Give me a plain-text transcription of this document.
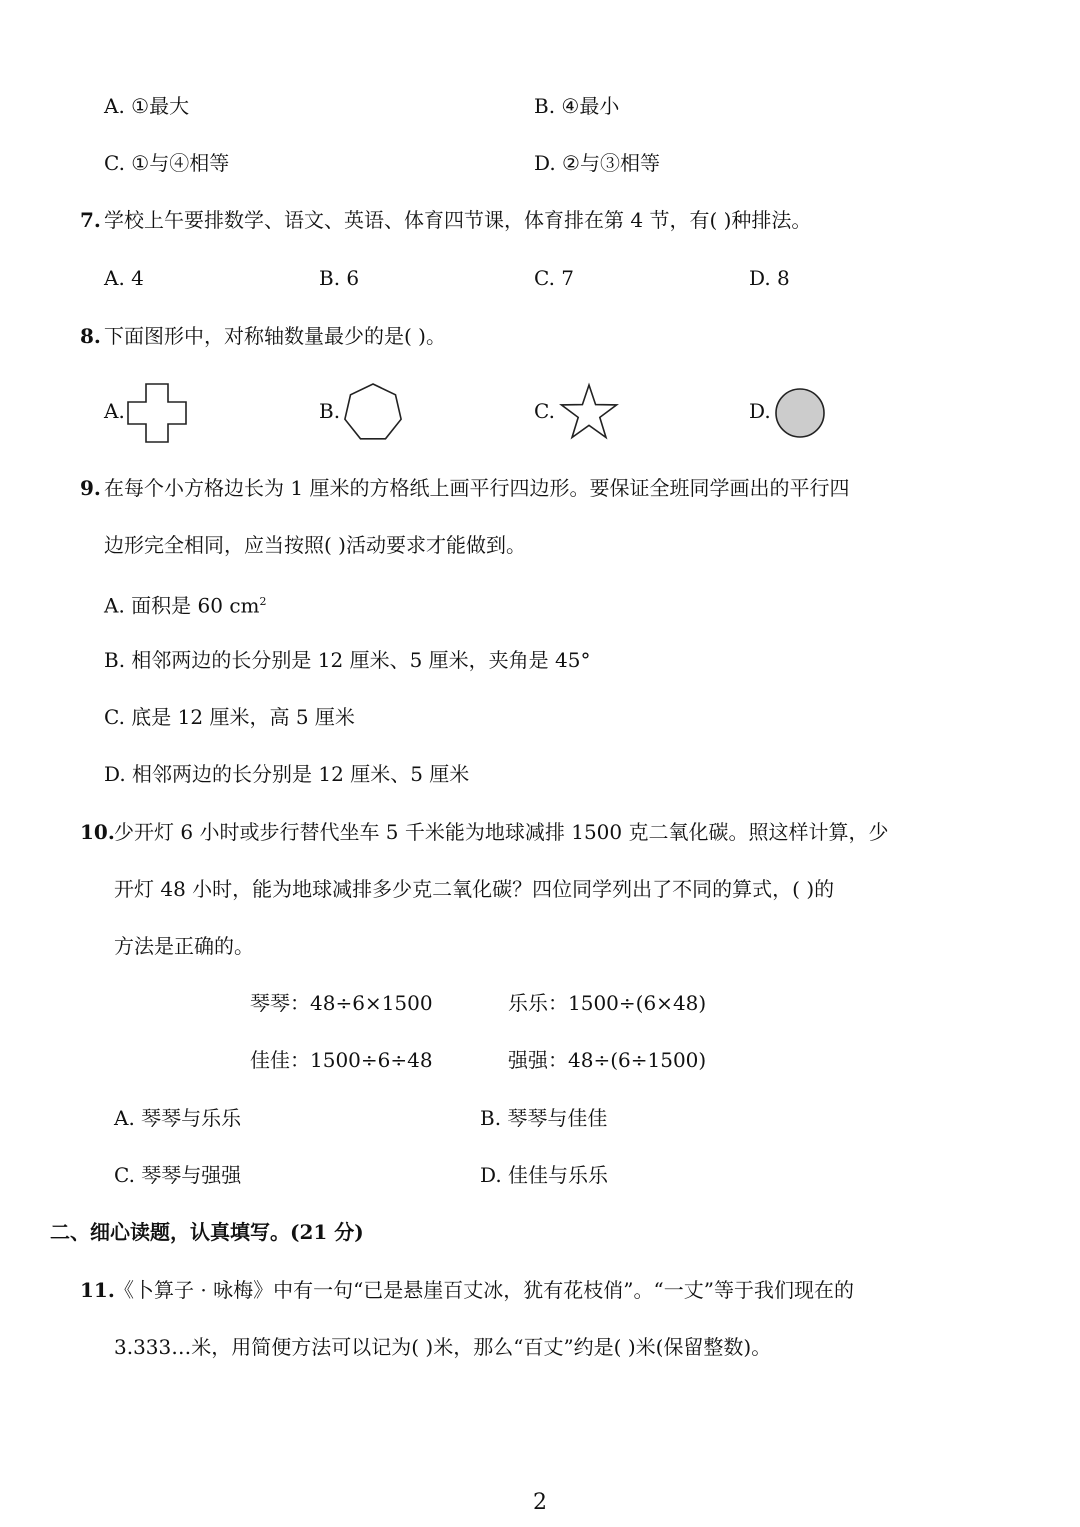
A. ①最大	B. ④最小
C. ①与④相等	D. ②与③相等
7. 学校上午要排数学、语文、英语、体育四节课，体育排在第 4 节，有( )种排法。
A. 4	B. 6	C. 7	D. 8
8. 下面图形中，对称轴数量最少的是( )。
A.	B.	C.	D.
9. 在每个小方格边长为 1 厘米的方格纸上画平行四边形。要保证全班同学画出的平行四
边形完全相同，应当按照( )活动要求才能做到。
A. 面积是 60 $cm^2$
B. 相邻两边的长分别是 12 厘米、5 厘米，夹角是 45°
C. 底是 12 厘米，高 5 厘米
D. 相邻两边的长分别是 12 厘米、5 厘米
10. 少开灯 6 小时或步行替代坐车 5 千米能为地球减排 1500 克二氧化碳。照这样计算，少
开灯 48 小时，能为地球减排多少克二氧化碳？四位同学列出了不同的算式，( )的
方法是正确的。
琴琴：48÷6×1500	乐乐：1500÷(6×48)
佳佳：1500÷6÷48	强强：48÷(6÷1500)
A. 琴琴与乐乐	B. 琴琴与佳佳
C. 琴琴与强强	D. 佳佳与乐乐
二、细心读题，认真填写。(21 分)
11. 《卜算子 · 咏梅》中有一句“已是悬崖百丈冰，犹有花枝俏”。“一丈”等于我们现在的
3.333…米，用简便方法可以记为( )米，那么“百丈”约是( )米(保留整数)。
2
